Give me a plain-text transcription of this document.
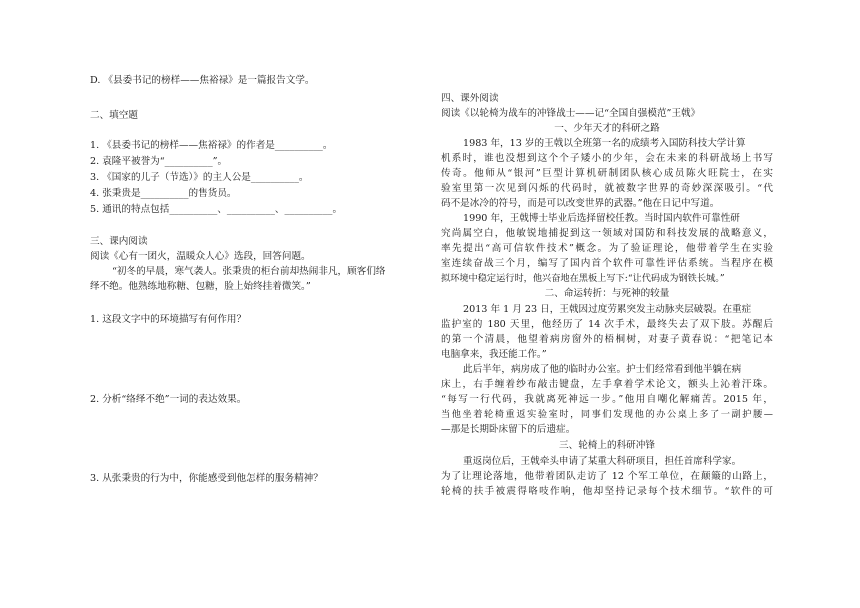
D. 《县委书记的榜样——焦裕禄》是一篇报告文学。
二、填空题
1. 《县委书记的榜样——焦裕禄》的作者是__________。
2. 袁隆平被誉为“__________”。
3. 《国家的儿子（节选）》的主人公是__________。
4. 张秉贵是__________的售货员。
5. 通讯的特点包括__________、__________、__________。
三、课内阅读
阅读《心有一团火，温暖众人心》选段，回答问题。
“初冬的早晨，寒气袭人。张秉贵的柜台前却热闹非凡，顾客们络
绎不绝。他熟练地称糖、包糖，脸上始终挂着微笑。”
1. 这段文字中的环境描写有何作用？
2. 分析“络绎不绝”一词的表达效果。
3. 从张秉贵的行为中，你能感受到他怎样的服务精神？
四、课外阅读
阅读《以轮椅为战车的冲锋战士——记“全国自强模范”王戟》
一、少年天才的科研之路
1983 年，13 岁的王戟以全班第一名的成绩考入国防科技大学计算
机系时，谁也没想到这个个子矮小的少年，会在未来的科研战场上书写
传奇。他师从“银河”巨型计算机研制团队核心成员陈火旺院士，在实
验室里第一次见到闪烁的代码时，就被数字世界的奇妙深深吸引。“代
码不是冰冷的符号，而是可以改变世界的武器。”他在日记中写道。
1990 年，王戟博士毕业后选择留校任教。当时国内软件可靠性研
究尚属空白，他敏锐地捕捉到这一领域对国防和科技发展的战略意义，
率先提出“高可信软件技术”概念。为了验证理论，他带着学生在实验
室连续奋战三个月，编写了国内首个软件可靠性评估系统。当程序在模
拟环境中稳定运行时，他兴奋地在黑板上写下:“让代码成为钢铁长城。”
二、命运转折：与死神的较量
2013 年 1 月 23 日，王戟因过度劳累突发主动脉夹层破裂。在重症
监护室的 180 天里，他经历了 14 次手术，最终失去了双下肢。苏醒后
的第一个清晨，他望着病房窗外的梧桐树，对妻子黄春说：“把笔记本
电脑拿来，我还能工作。”
此后半年，病房成了他的临时办公室。护士们经常看到他半躺在病
床上，右手缠着纱布敲击键盘，左手拿着学术论文，额头上沁着汗珠。
“每写一行代码，我就离死神远一步。”他用自嘲化解痛苦。2015 年，
当他坐着轮椅重返实验室时，同事们发现他的办公桌上多了一副护腰—
—那是长期卧床留下的后遗症。
三、轮椅上的科研冲锋
重返岗位后，王戟牵头申请了某重大科研项目，担任首席科学家。
为了让理论落地，他带着团队走访了 12 个军工单位，在颠簸的山路上，
轮椅的扶手被震得咯吱作响，他却坚持记录每个技术细节。“软件的可
